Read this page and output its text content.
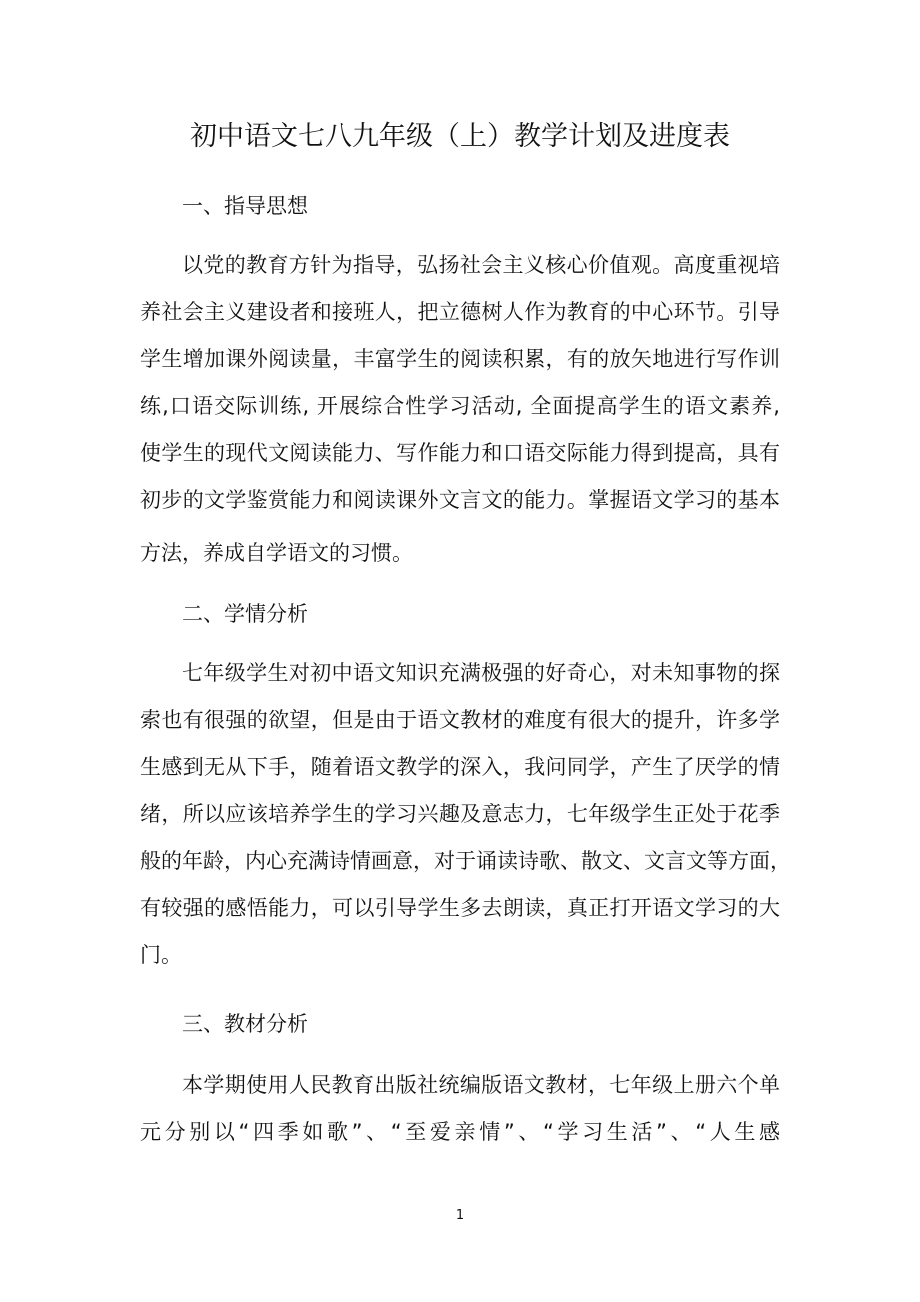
初中语文七八九年级（上）教学计划及进度表
一、指导思想
以党的教育方针为指导，弘扬社会主义核心价值观。高度重视培
养社会主义建设者和接班人，把立德树人作为教育的中心环节。引导
学生增加课外阅读量，丰富学生的阅读积累，有的放矢地进行写作训
练,口语交际训练, 开展综合性学习活动, 全面提高学生的语文素养,
使学生的现代文阅读能力、写作能力和口语交际能力得到提高，具有
初步的文学鉴赏能力和阅读课外文言文的能力。掌握语文学习的基本
方法，养成自学语文的习惯。
二、学情分析
七年级学生对初中语文知识充满极强的好奇心，对未知事物的探
索也有很强的欲望，但是由于语文教材的难度有很大的提升，许多学
生感到无从下手，随着语文教学的深入，我问同学，产生了厌学的情
绪，所以应该培养学生的学习兴趣及意志力，七年级学生正处于花季
般的年龄，内心充满诗情画意，对于诵读诗歌、散文、文言文等方面，
有较强的感悟能力，可以引导学生多去朗读，真正打开语文学习的大
门。
三、教材分析
本学期使用人民教育出版社统编版语文教材，七年级上册六个单
元分别以“四季如歌”、“至爱亲情”、“学习生活”、“人生感
1
